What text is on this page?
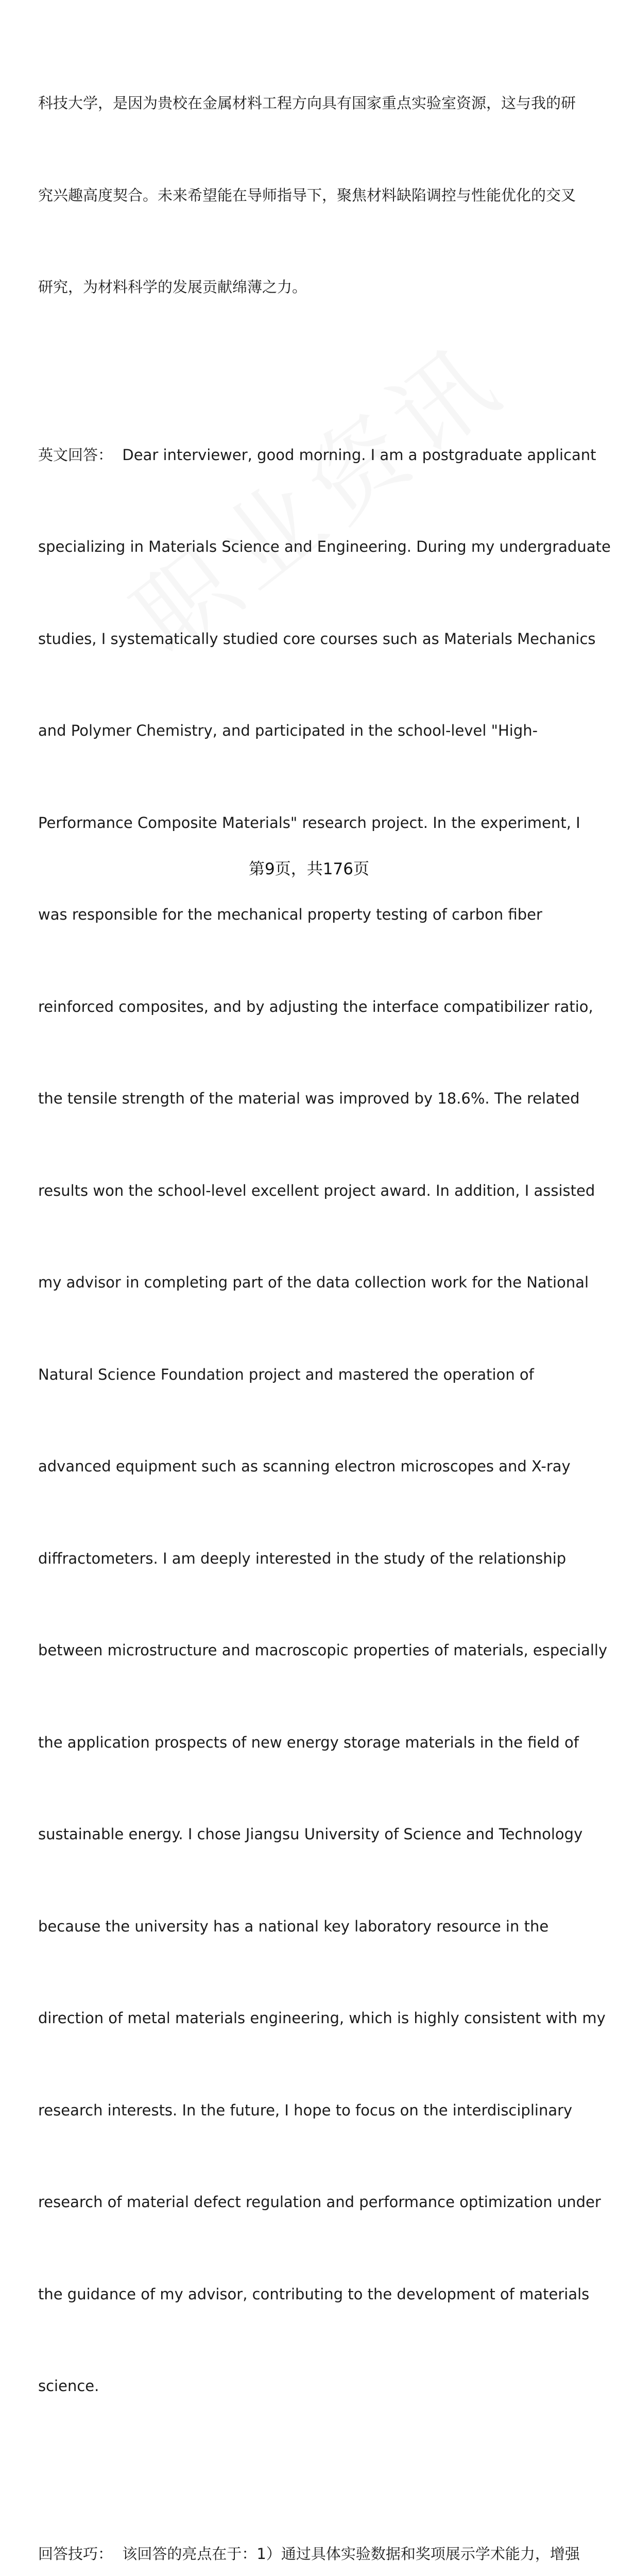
科技大学，是因为贵校在金属材料工程方向具有国家重点实验室资源，这与我的研

究兴趣高度契合。未来希望能在导师指导下，聚焦材料缺陷调控与性能优化的交叉

研究，为材料科学的发展贡献绵薄之力。

英文回答：  Dear interviewer, good morning. I am a postgraduate applicant

specializing in Materials Science and Engineering. During my undergraduate

studies, I systematically studied core courses such as Materials Mechanics

and Polymer Chemistry, and participated in the school-level "High-

Performance Composite Materials" research project. In the experiment, I

was responsible for the mechanical property testing of carbon fiber

reinforced composites, and by adjusting the interface compatibilizer ratio,

the tensile strength of the material was improved by 18.6%. The related

results won the school-level excellent project award. In addition, I assisted

my advisor in completing part of the data collection work for the National

Natural Science Foundation project and mastered the operation of

advanced equipment such as scanning electron microscopes and X-ray

diffractometers. I am deeply interested in the study of the relationship

between microstructure and macroscopic properties of materials, especially

the application prospects of new energy storage materials in the field of

sustainable energy. I chose Jiangsu University of Science and Technology

because the university has a national key laboratory resource in the

direction of metal materials engineering, which is highly consistent with my

research interests. In the future, I hope to focus on the interdisciplinary

research of material defect regulation and performance optimization under

the guidance of my advisor, contributing to the development of materials

science.

回答技巧：  该回答的亮点在于：1）通过具体实验数据和奖项展示学术能力，增强

第9页，共176页
